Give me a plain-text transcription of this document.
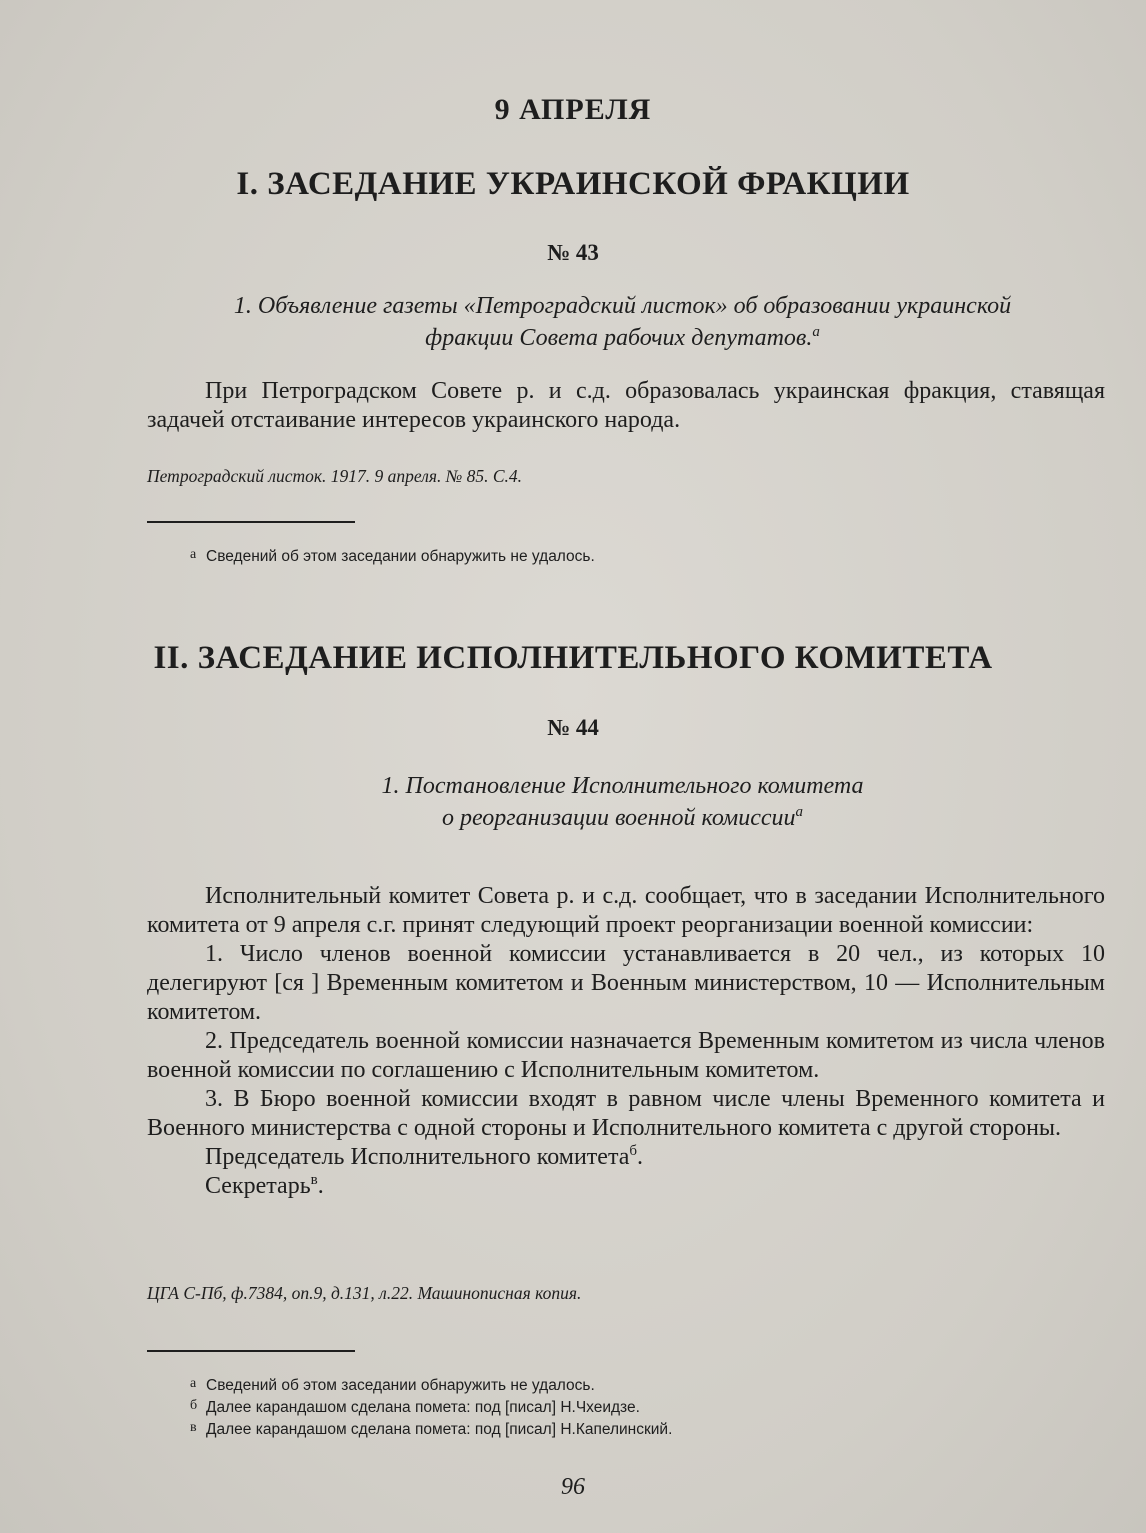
9 АПРЕЛЯ
I. ЗАСЕДАНИЕ УКРАИНСКОЙ ФРАКЦИИ
№ 43
1. Объявление газеты «Петроградский листок» об образовании украинской
фракции Совета рабочих депутатов.$^a$

При Петроградском Совете р. и с.д. образовалась украинская фракция, ставящая задачей отстаивание интересов украинского народа.

Петроградский листок. 1917. 9 апреля. № 85. С.4.
а Сведений об этом заседании обнаружить не удалось.
II. ЗАСЕДАНИЕ ИСПОЛНИТЕЛЬНОГО КОМИТЕТА
№ 44
1. Постановление Исполнительного комитета
о реорганизации военной комиссии$^a$

Исполнительный комитет Совета р. и с.д. сообщает, что в заседании Исполнительного комитета от 9 апреля с.г. принят следующий проект реорганизации военной комиссии:

1. Число членов военной комиссии устанавливается в 20 чел., из которых 10 делегируют [ся ] Временным комитетом и Военным министерством, 10 — Исполнительным комитетом.

2. Председатель военной комиссии назначается Временным комитетом из числа членов военной комиссии по соглашению с Исполнительным комитетом.

3. В Бюро военной комиссии входят в равном числе члены Временного комитета и Военного министерства с одной стороны и Исполнительного комитета с другой стороны.

Председатель Исполнительного комитета$^б$.

Секретарь$^в$.

ЦГА С-Пб, ф.7384, оп.9, д.131, л.22. Машинописная копия.
а Сведений об этом заседании обнаружить не удалось.
б Далее карандашом сделана помета: под [писал] Н.Чхеидзе.
в Далее карандашом сделана помета: под [писал] Н.Капелинский.
96
